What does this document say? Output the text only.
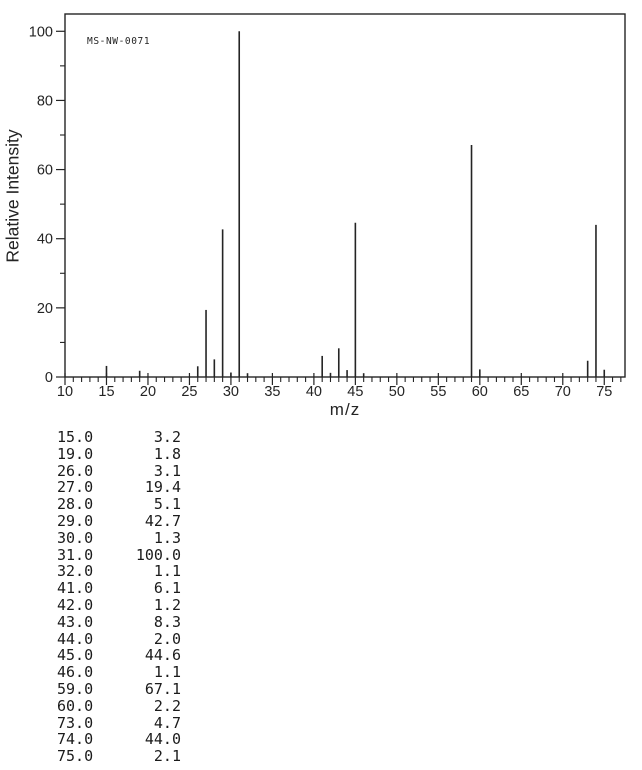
10 15 20 25 30 35 40 45 50 55 60 65 70 75
0
20
40
60
80
100
MS-NW-0071
Relative Intensity
m/z
15.0	3.2
19.0	1.8
26.0	3.1
27.0	19.4
28.0	5.1
29.0	42.7
30.0	1.3
31.0	100.0
32.0	1.1
41.0	6.1
42.0	1.2
43.0	8.3
44.0	2.0
45.0	44.6
46.0	1.1
59.0	67.1
60.0	2.2
73.0	4.7
74.0	44.0
75.0	2.1
